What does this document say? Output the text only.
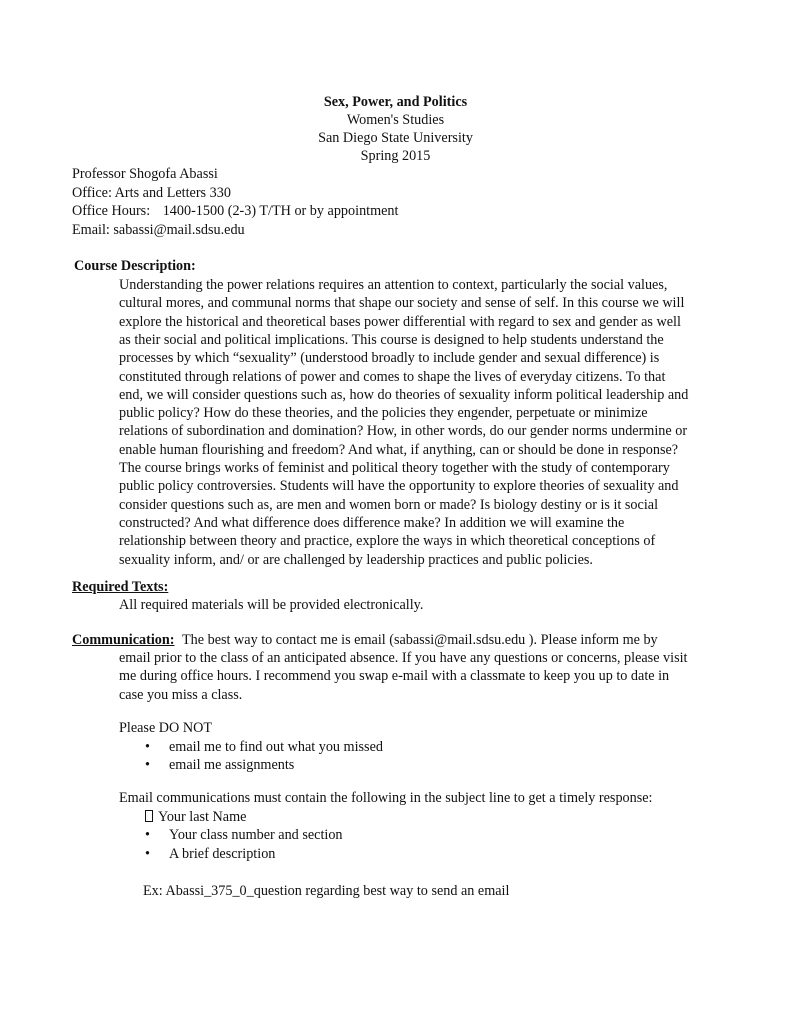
Sex, Power, and Politics
Women's Studies
San Diego State University
Spring 2015
Professor Shogofa Abassi
Office: Arts and Letters 330
Office Hours: 1400-1500 (2-3) T/TH or by appointment
Email: sabassi@mail.sdsu.edu
Course Description:
Understanding the power relations requires an attention to context, particularly the social values,
cultural mores, and communal norms that shape our society and sense of self. In this course we will
explore the historical and theoretical bases power differential with regard to sex and gender as well
as their social and political implications. This course is designed to help students understand the
processes by which “sexuality” (understood broadly to include gender and sexual difference) is
constituted through relations of power and comes to shape the lives of everyday citizens. To that
end, we will consider questions such as, how do theories of sexuality inform political leadership and
public policy? How do these theories, and the policies they engender, perpetuate or minimize
relations of subordination and domination? How, in other words, do our gender norms undermine or
enable human flourishing and freedom? And what, if anything, can or should be done in response?
The course brings works of feminist and political theory together with the study of contemporary
public policy controversies. Students will have the opportunity to explore theories of sexuality and
consider questions such as, are men and women born or made? Is biology destiny or is it social
constructed? And what difference does difference make? In addition we will examine the
relationship between theory and practice, explore the ways in which theoretical conceptions of
sexuality inform, and/ or are challenged by leadership practices and public policies.
Required Texts:
All required materials will be provided electronically.
Communication: The best way to contact me is email (sabassi@mail.sdsu.edu ). Please inform me by
email prior to the class of an anticipated absence. If you have any questions or concerns, please visit
me during office hours. I recommend you swap e-mail with a classmate to keep you up to date in
case you miss a class.
Please DO NOT
• email me to find out what you missed
• email me assignments
Email communications must contain the following in the subject line to get a timely response:
Your last Name
• Your class number and section
• A brief description
Ex: Abassi_375_0_question regarding best way to send an email
